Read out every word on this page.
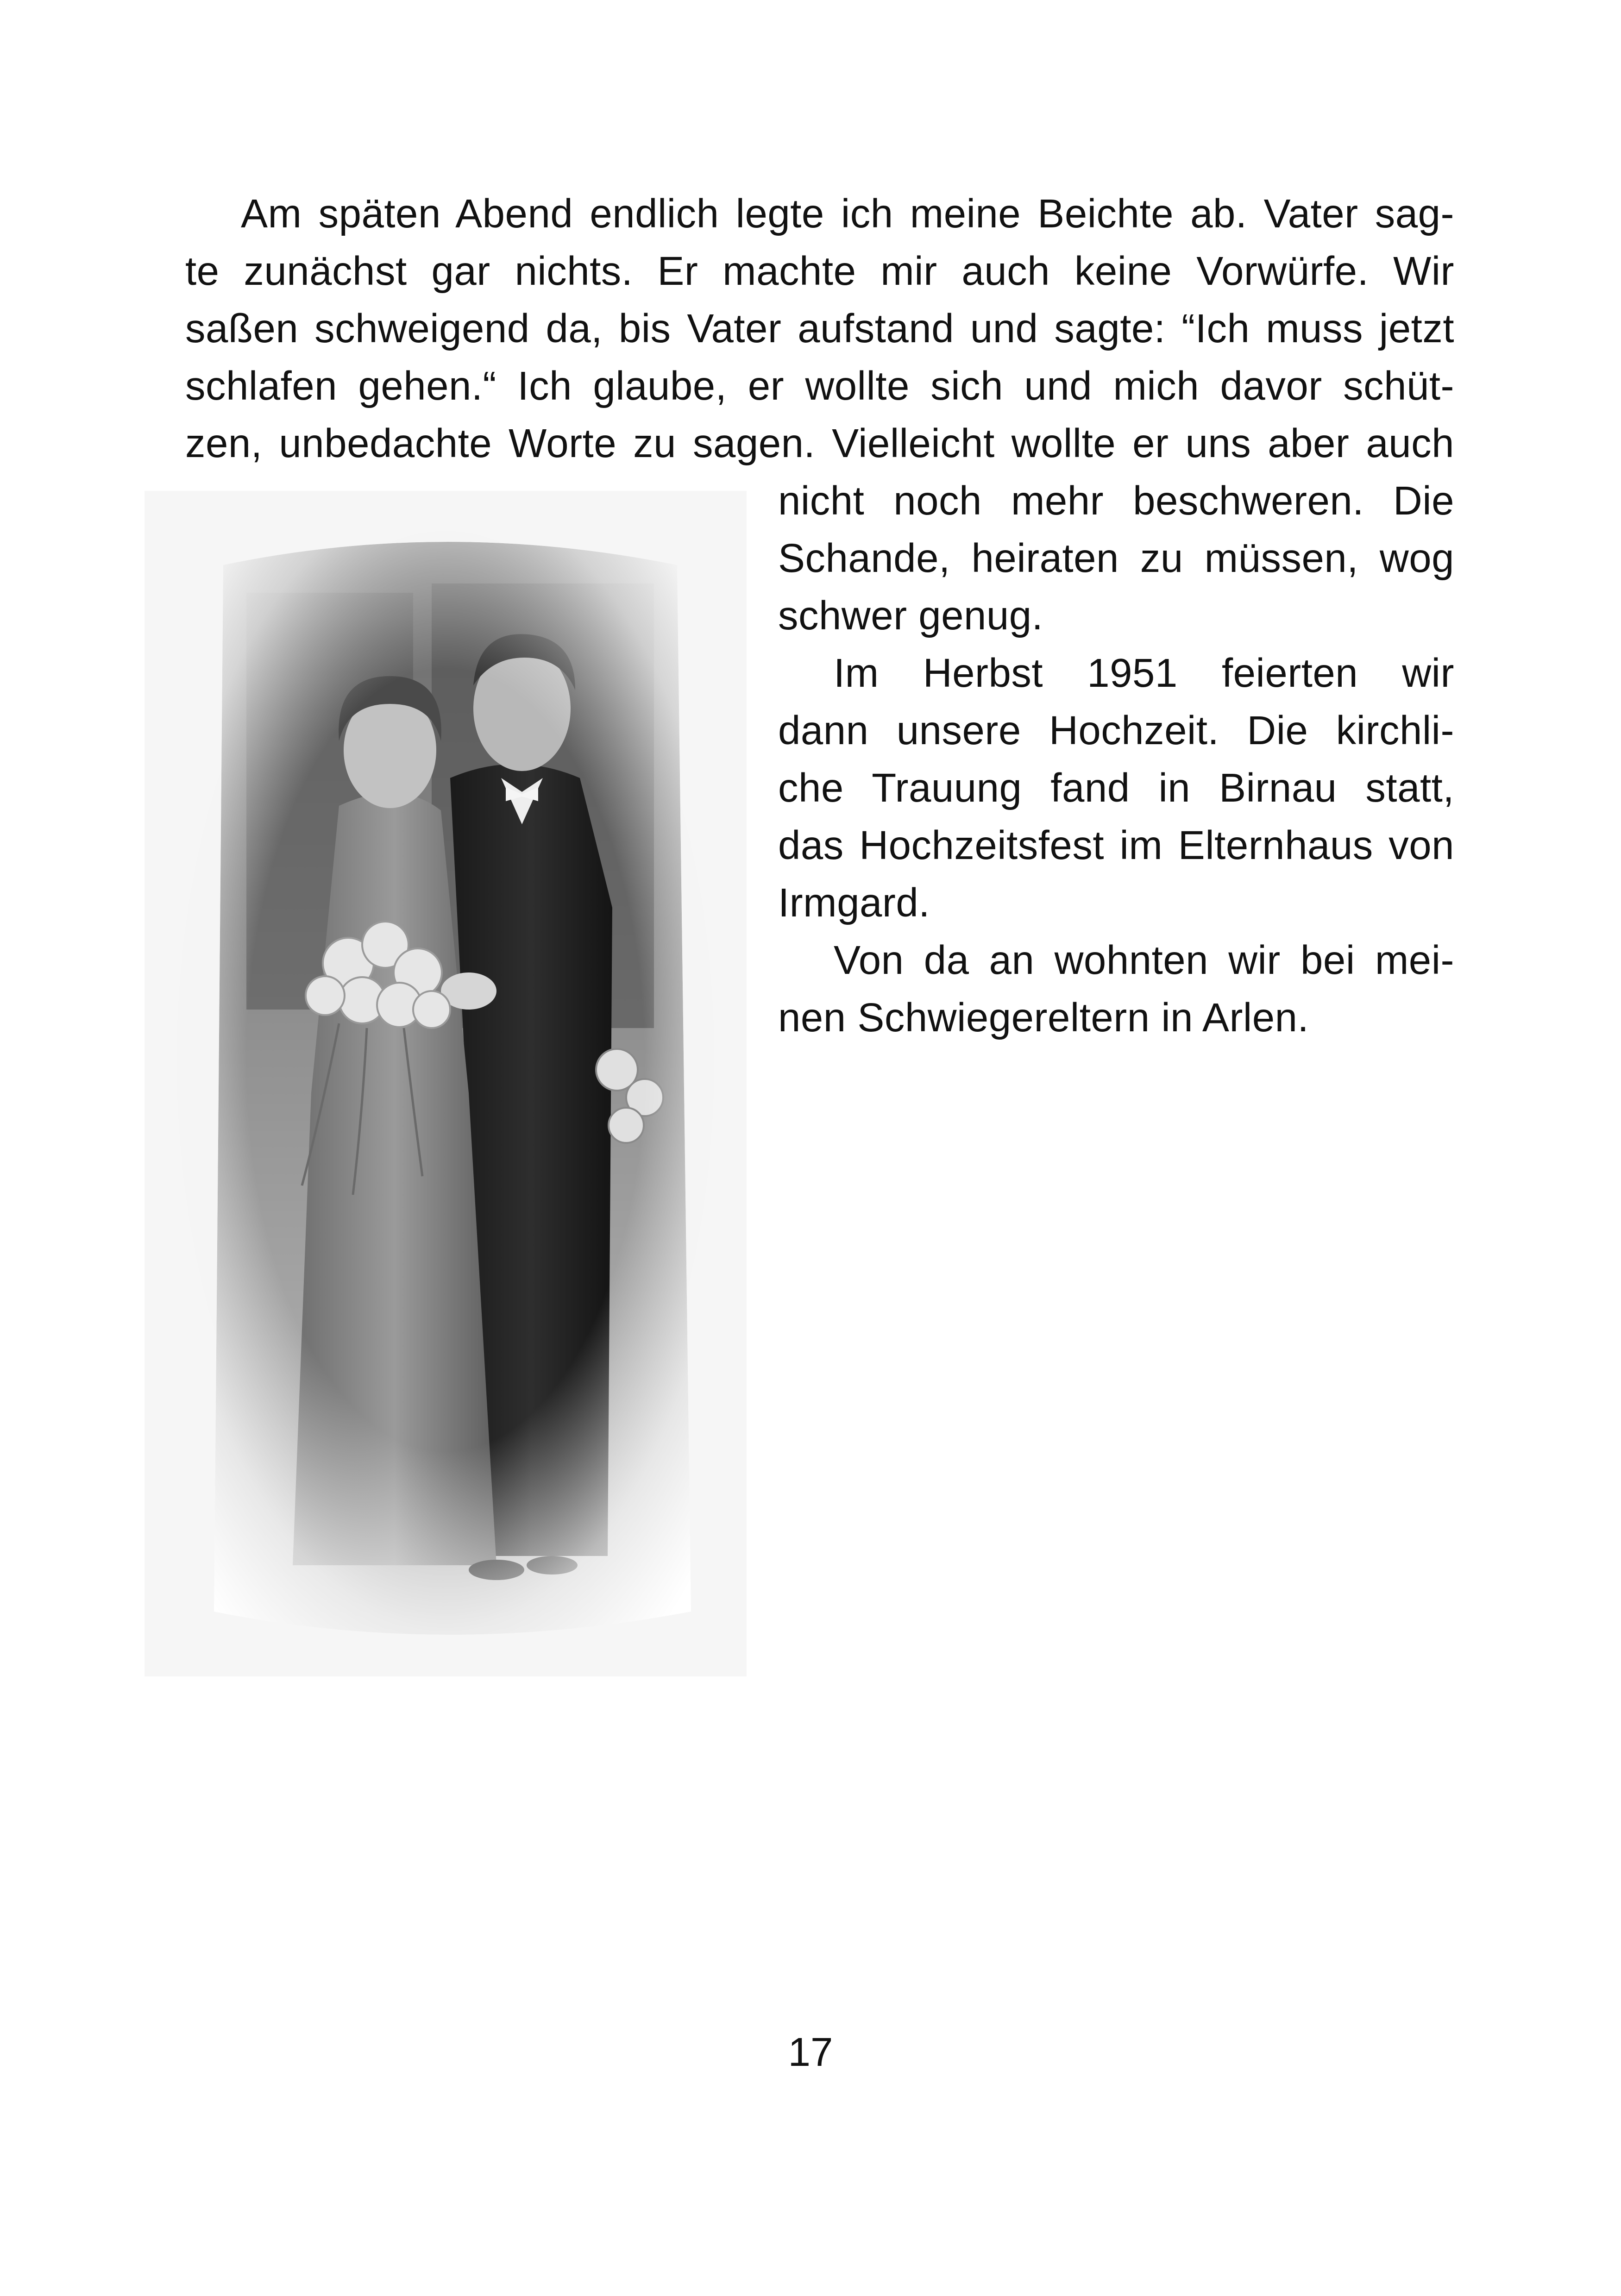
Am späten Abend endlich legte ich meine Beichte ab. Vater sag-
te zunächst gar nichts. Er machte mir auch keine Vorwürfe. Wir
saßen schweigend da, bis Vater aufstand und sagte: “Ich muss jetzt
schlafen gehen.“ Ich glaube, er wollte sich und mich davor schüt-
zen, unbedachte Worte zu sagen. Vielleicht wollte er uns aber auch
nicht noch mehr beschweren. Die
Schande, heiraten zu müssen, wog
schwer genug.
Im Herbst 1951 feierten wir
dann unsere Hochzeit. Die kirchli-
che Trauung fand in Birnau statt,
das Hochzeitsfest im Elternhaus von
Irmgard.
Von da an wohnten wir bei mei-
nen Schwiegereltern in Arlen.
17
